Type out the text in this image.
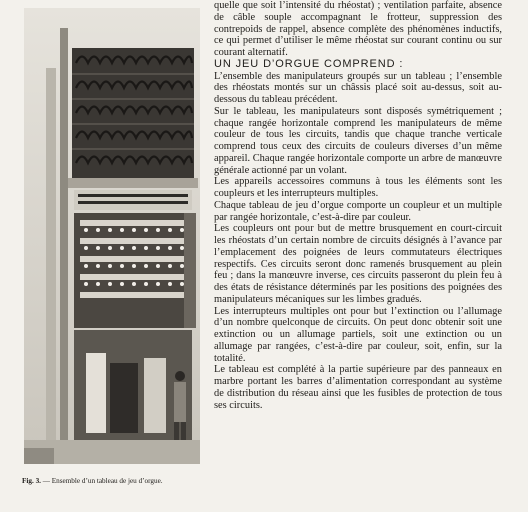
Fig. 3. — Ensemble d’un tableau de jeu d’orgue.

quelle que soit l’intensité du rhéostat) ; ventilation parfaite, absence de câble souple accompagnant le frotteur, suppression des contrepoids de rappel, absence complète des phénomènes inductifs, ce qui permet d’utiliser le même rhéostat sur courant continu ou sur courant alternatif.

UN JEU D’ORGUE COMPREND :

L’ensemble des manipulateurs groupés sur un tableau ; l’ensemble des rhéostats montés sur un châssis placé soit au-dessus, soit au-dessous du tableau précédent.

Sur le tableau, les manipulateurs sont disposés symétriquement ; chaque rangée horizontale comprend les manipulateurs de même couleur de tous les circuits, tandis que chaque tranche verticale comprend tous ceux des circuits de couleurs diverses d’un même appareil. Chaque rangée horizontale comporte un arbre de manœuvre générale actionné par un volant.

Les appareils accessoires communs à tous les éléments sont les coupleurs et les interrupteurs multiples.

Chaque tableau de jeu d’orgue comporte un coupleur et un multiple par rangée horizontale, c’est-à-dire par couleur.

Les coupleurs ont pour but de mettre brusquement en court-circuit les rhéostats d’un certain nombre de circuits désignés à l’avance par l’emplacement des poignées de leurs commutateurs électriques respectifs. Ces circuits seront donc ramenés brusquement au plein feu ; dans la manœuvre inverse, ces circuits passeront du plein feu à des états de résistance déterminés par les positions des poignées des manipulateurs mécaniques sur les limbes gradués.

Les interrupteurs multiples ont pour but l’extinction ou l’allumage d’un nombre quelconque de circuits. On peut donc obtenir soit une extinction ou un allumage partiels, soit une extinction ou un allumage par rangées, c’est-à-dire par couleur, soit, enfin, sur la totalité.

Le tableau est complété à la partie supérieure par des panneaux en marbre portant les barres d’alimentation correspondant au système de distribution du réseau ainsi que les fusibles de protection de tous ses circuits.
